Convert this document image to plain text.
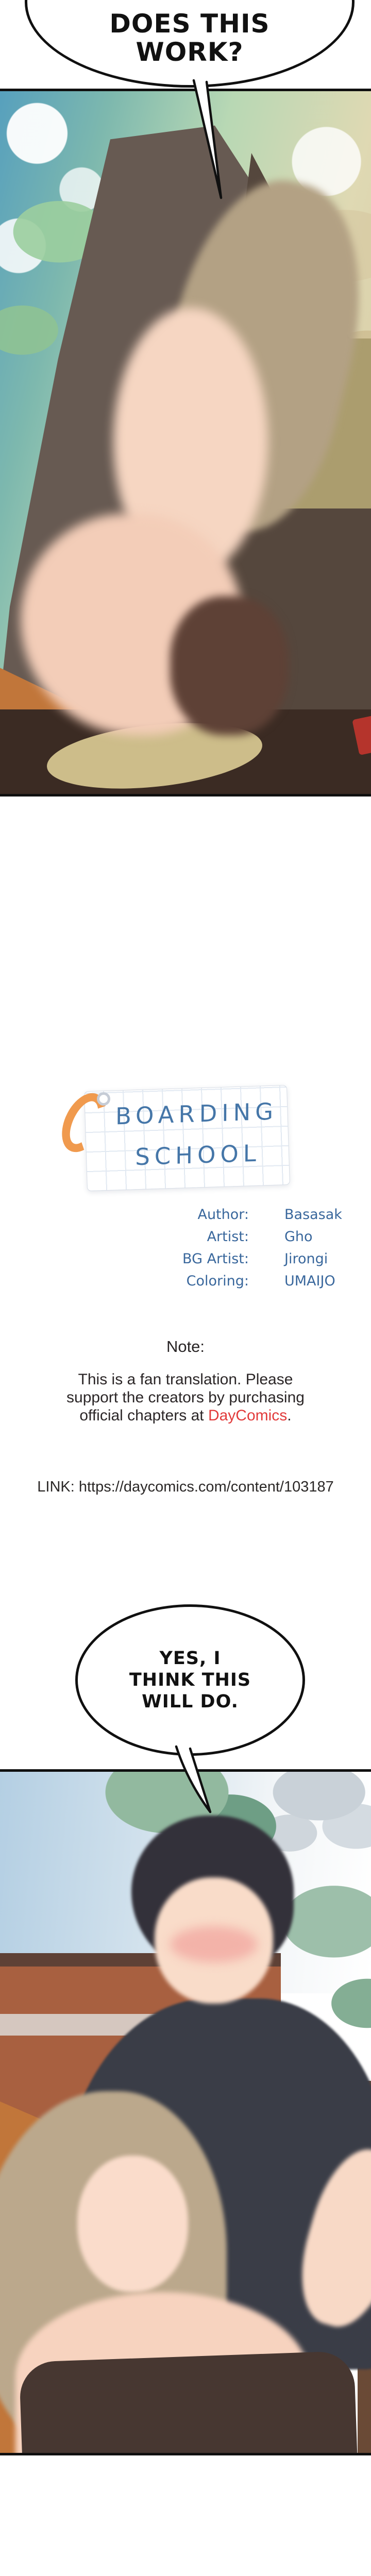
DOES THIS
WORK?
BOARDING
SCHOOL
Author:	Basasak
Artist:	Gho
BG Artist:	Jirongi
Coloring:	UMAIJO
Note:
This is a fan translation. Please
support the creators by purchasing
official chapters at DayComics.
LINK: https://daycomics.com/content/103187
YES, I
THINK THIS
WILL DO.
